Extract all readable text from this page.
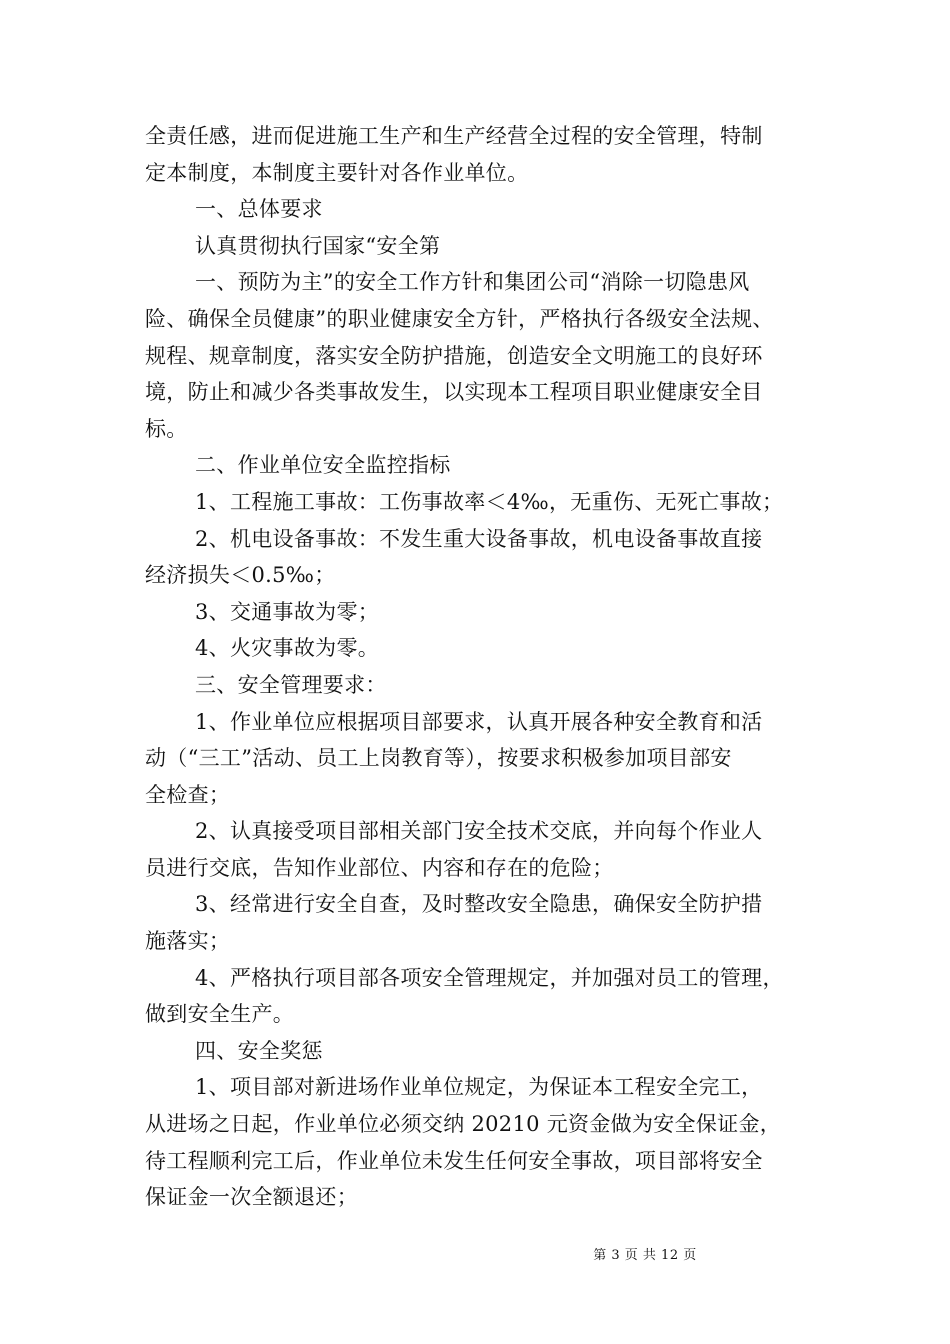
全责任感，进而促进施工生产和生产经营全过程的安全管理，特制
定本制度，本制度主要针对各作业单位。
一、总体要求
认真贯彻执行国家“安全第
一、预防为主”的安全工作方针和集团公司“消除一切隐患风
险、确保全员健康”的职业健康安全方针，严格执行各级安全法规、
规程、规章制度，落实安全防护措施，创造安全文明施工的良好环
境，防止和减少各类事故发生，以实现本工程项目职业健康安全目
标。
二、作业单位安全监控指标
1、工程施工事故：工伤事故率＜4‰，无重伤、无死亡事故；
2、机电设备事故：不发生重大设备事故，机电设备事故直接
经济损失＜0.5‰；
3、交通事故为零；
4、火灾事故为零。
三、安全管理要求：
1、作业单位应根据项目部要求，认真开展各种安全教育和活
动（“三工”活动、员工上岗教育等），按要求积极参加项目部安
全检查；
2、认真接受项目部相关部门安全技术交底，并向每个作业人
员进行交底，告知作业部位、内容和存在的危险；
3、经常进行安全自查，及时整改安全隐患，确保安全防护措
施落实；
4、严格执行项目部各项安全管理规定，并加强对员工的管理，
做到安全生产。
四、安全奖惩
1、项目部对新进场作业单位规定，为保证本工程安全完工，
从进场之日起，作业单位必须交纳 20210 元资金做为安全保证金，
待工程顺利完工后，作业单位未发生任何安全事故，项目部将安全
保证金一次全额退还；
第 3 页 共 12 页
